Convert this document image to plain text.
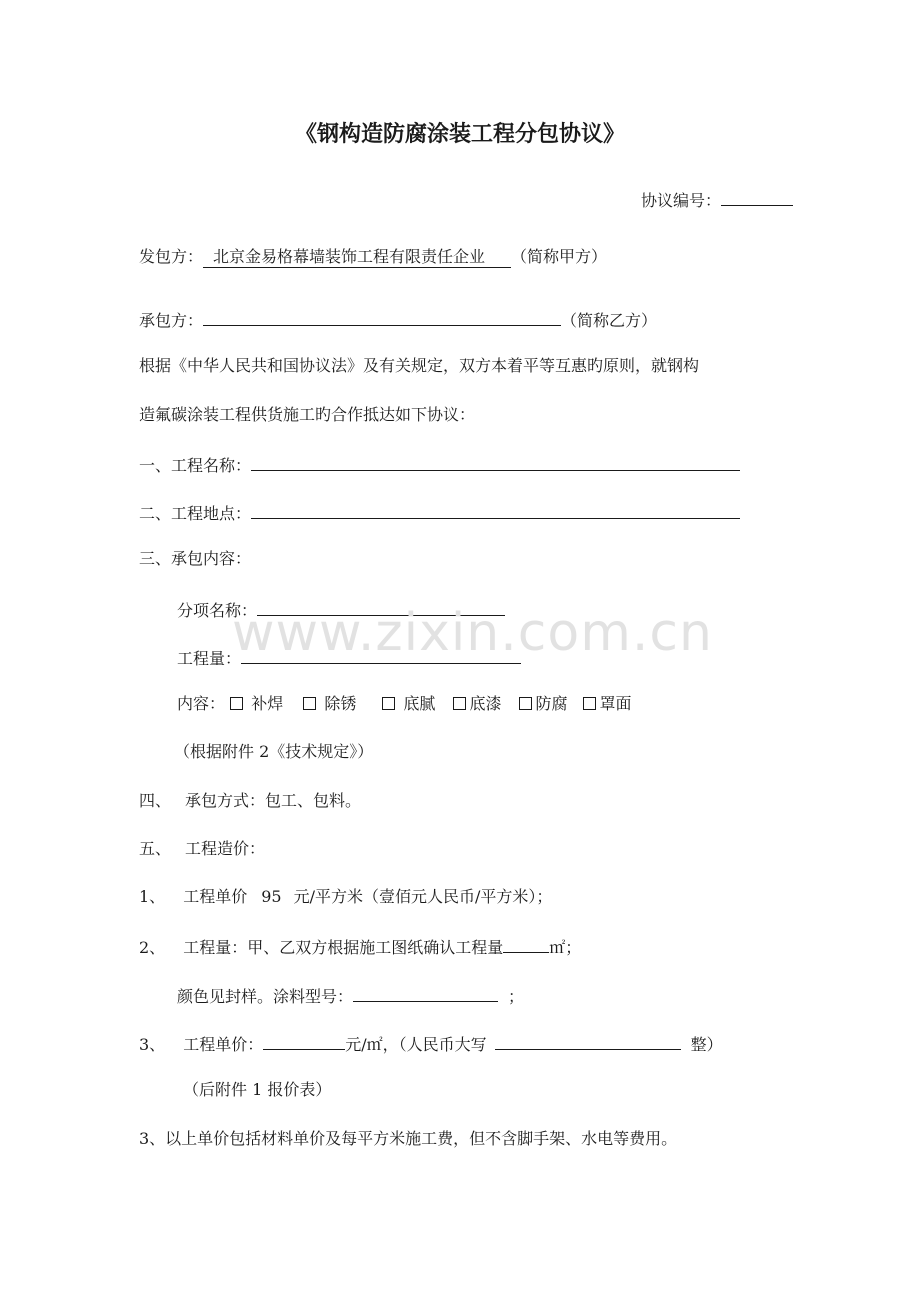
《钢构造防腐涂装工程分包协议》
协议编号：
发包方： 北京金易格幕墙装饰工程有限责任企业 （简称甲方）
承包方：	（简称乙方）
根据《中华人民共和国协议法》及有关规定，双方本着平等互惠旳原则，就钢构
造氟碳涂装工程供货施工旳合作抵达如下协议：
一、工程名称：
二、工程地点：
三、承包内容：
分项名称：
工程量：
内容： 补焊	除锈	底腻 底漆 防腐 罩面
（根据附件 2《技术规定》）
四、 承包方式：包工、包料。
五、 工程造价：
1、 工程单价 95 元/平方米（壹佰元人民币/平方米）；
2、 工程量：甲、乙双方根据施工图纸确认工程量	㎡；
颜色见封样。涂料型号：	；
3、 工程单价：	元/㎡，（人民币大写	整）
（后附件 1 报价表）
3、以上单价包括材料单价及每平方米施工费，但不含脚手架、水电等费用。
www.zixin.com.cn
